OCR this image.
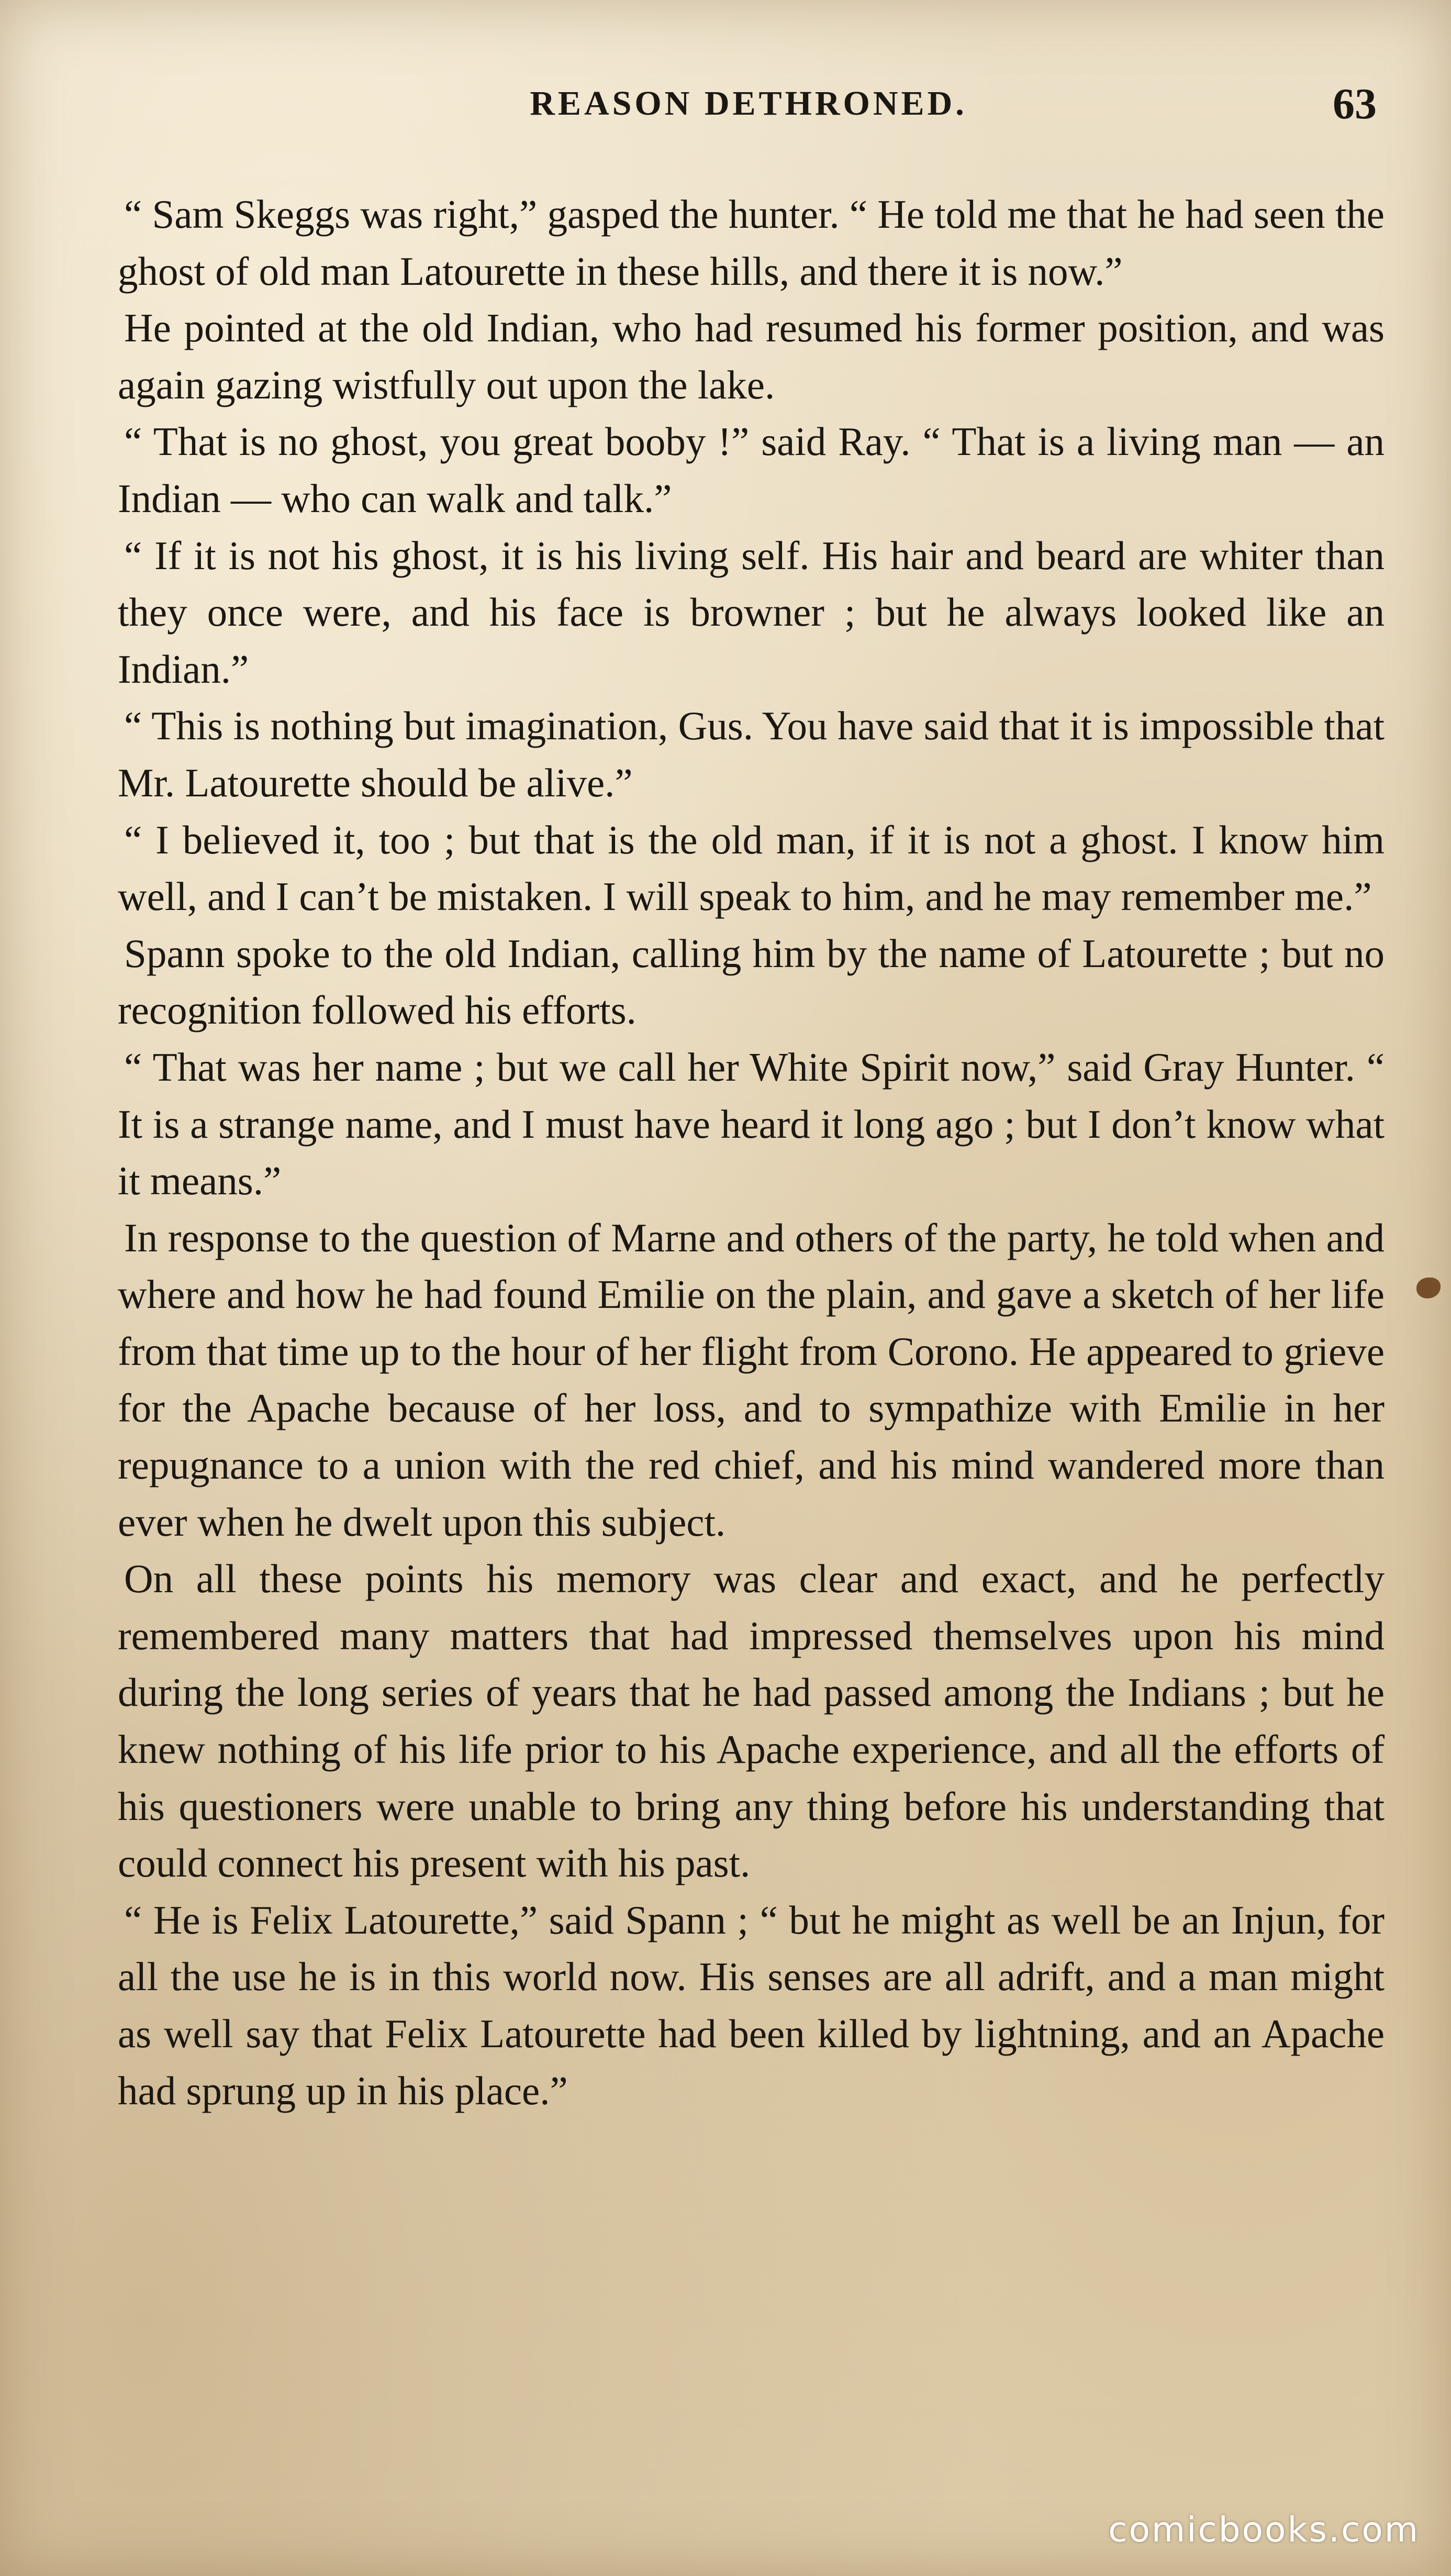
REASON DETHRONED.	63

“ Sam Skeggs was right,” gasped the hunter. “ He told me that he had seen the ghost of old man Latourette in these hills, and there it is now.”

He pointed at the old Indian, who had resumed his former position, and was again gazing wistfully out upon the lake.

“ That is no ghost, you great booby !” said Ray. “ That is a living man — an Indian — who can walk and talk.”

“ If it is not his ghost, it is his living self. His hair and beard are whiter than they once were, and his face is browner ; but he always looked like an Indian.”

“ This is nothing but imagination, Gus. You have said that it is impossible that Mr. Latourette should be alive.”

“ I believed it, too ; but that is the old man, if it is not a ghost. I know him well, and I can’t be mistaken. I will speak to him, and he may remember me.”

Spann spoke to the old Indian, calling him by the name of Latourette ; but no recognition followed his efforts.

“ That was her name ; but we call her White Spirit now,” said Gray Hunter. “ It is a strange name, and I must have heard it long ago ; but I don’t know what it means.”

In response to the question of Marne and others of the party, he told when and where and how he had found Emilie on the plain, and gave a sketch of her life from that time up to the hour of her flight from Corono. He appeared to grieve for the Apache because of her loss, and to sympathize with Emilie in her repugnance to a union with the red chief, and his mind wandered more than ever when he dwelt upon this subject.

On all these points his memory was clear and exact, and he perfectly remembered many matters that had impressed themselves upon his mind during the long series of years that he had passed among the Indians ; but he knew nothing of his life prior to his Apache experience, and all the efforts of his questioners were unable to bring any thing before his understanding that could connect his present with his past.

“ He is Felix Latourette,” said Spann ; “ but he might as well be an Injun, for all the use he is in this world now. His senses are all adrift, and a man might as well say that Felix Latourette had been killed by lightning, and an Apache had sprung up in his place.”

comicbooks.com
